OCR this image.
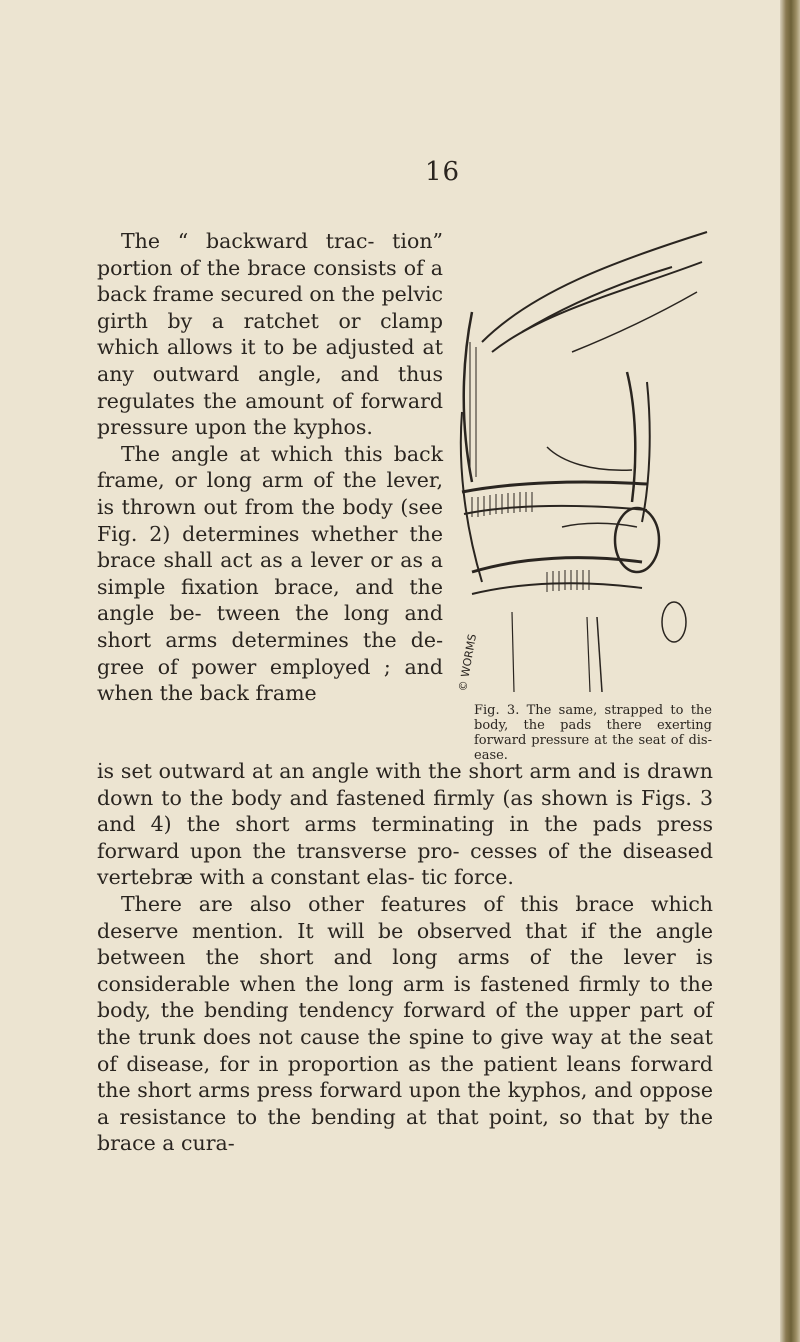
16

The “ backward trac- tion” portion of the brace consists of a back frame secured on the pelvic girth by a ratchet or clamp which allows it to be adjusted at any outward angle, and thus regulates the amount of forward pressure upon the kyphos.

The angle at which this back frame, or long arm of the lever, is thrown out from the body (see Fig. 2) determines whether the brace shall act as a lever or as a simple fixation brace, and the angle be- tween the long and short arms determines the de- gree of power employed ; and when the back frame

© WORMS
Fig. 3. The same, strapped to the body, the pads there exerting forward pressure at the seat of dis- ease.

is set outward at an angle with the short arm and is drawn down to the body and fastened firmly (as shown is Figs. 3 and 4) the short arms terminating in the pads press forward upon the transverse pro- cesses of the diseased vertebræ with a constant elas- tic force.

There are also other features of this brace which deserve mention. It will be observed that if the angle between the short and long arms of the lever is considerable when the long arm is fastened firmly to the body, the bending tendency forward of the upper part of the trunk does not cause the spine to give way at the seat of disease, for in proportion as the patient leans forward the short arms press forward upon the kyphos, and oppose a resistance to the bending at that point, so that by the brace a cura-
